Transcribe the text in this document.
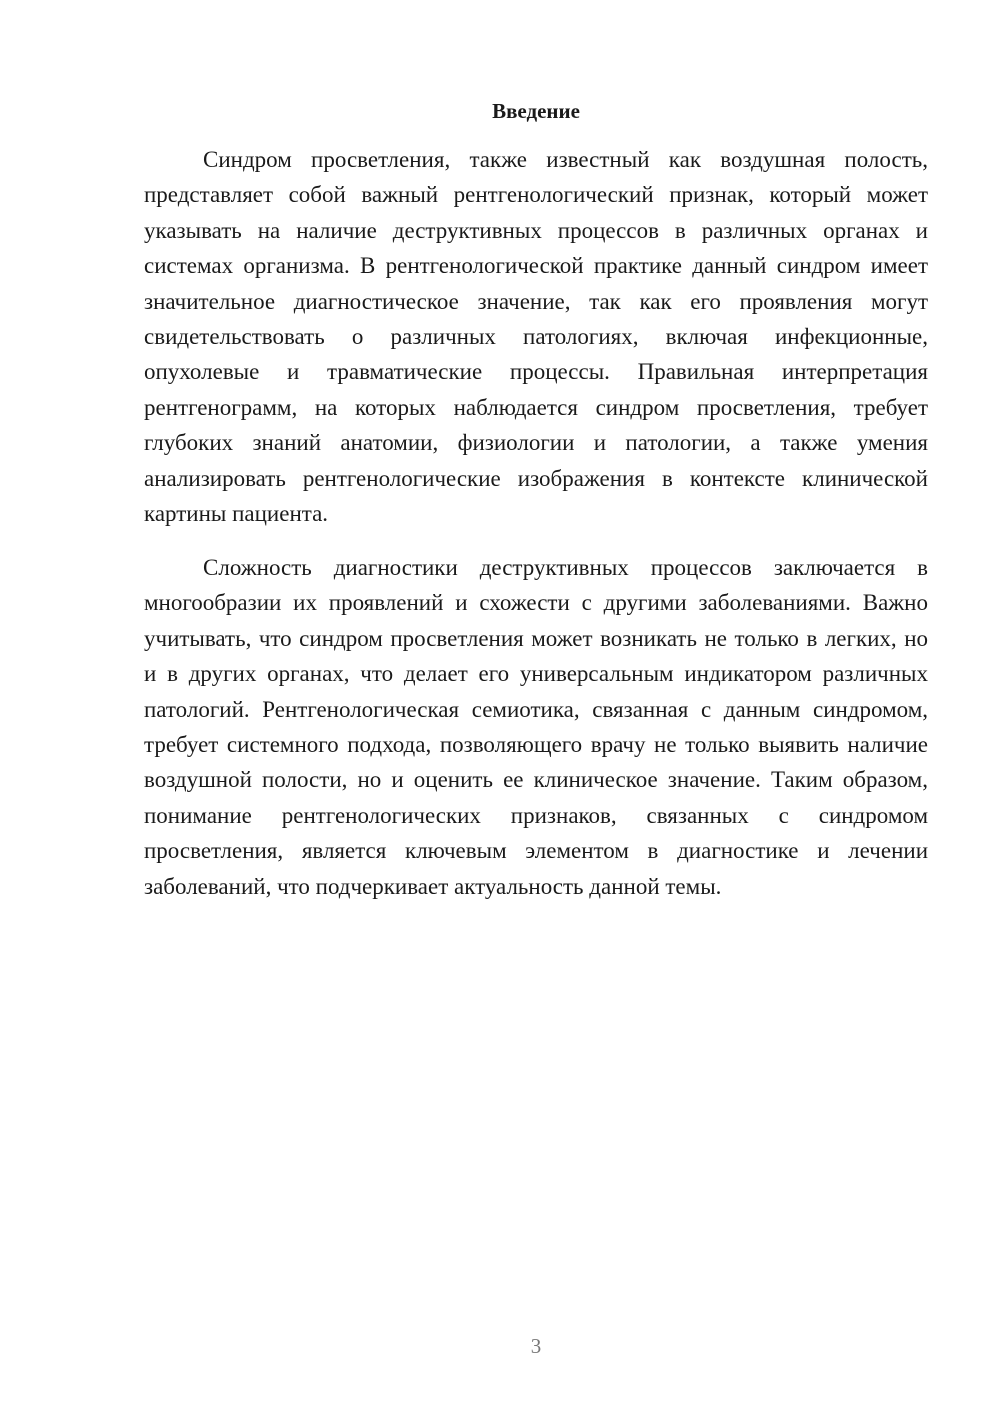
Введение

Синдром просветления, также известный как воздушная полость, представляет собой важный рентгенологический признак, который может указывать на наличие деструктивных процессов в различных органах и системах организма. В рентгенологической практике данный синдром имеет значительное диагностическое значение, так как его проявления могут свидетельствовать о различных патологиях, включая инфекционные, опухолевые и травматические процессы. Правильная интерпретация рентгенограмм, на которых наблюдается синдром просветления, требует глубоких знаний анатомии, физиологии и патологии, а также умения анализировать рентгенологические изображения в контексте клинической картины пациента.

Сложность диагностики деструктивных процессов заключается в многообразии их проявлений и схожести с другими заболеваниями. Важно учитывать, что синдром просветления может возникать не только в легких, но и в других органах, что делает его универсальным индикатором различных патологий. Рентгенологическая семиотика, связанная с данным синдромом, требует системного подхода, позволяющего врачу не только выявить наличие воздушной полости, но и оценить ее клиническое значение. Таким образом, понимание рентгенологических признаков, связанных с синдромом просветления, является ключевым элементом в диагностике и лечении заболеваний, что подчеркивает актуальность данной темы.

3
